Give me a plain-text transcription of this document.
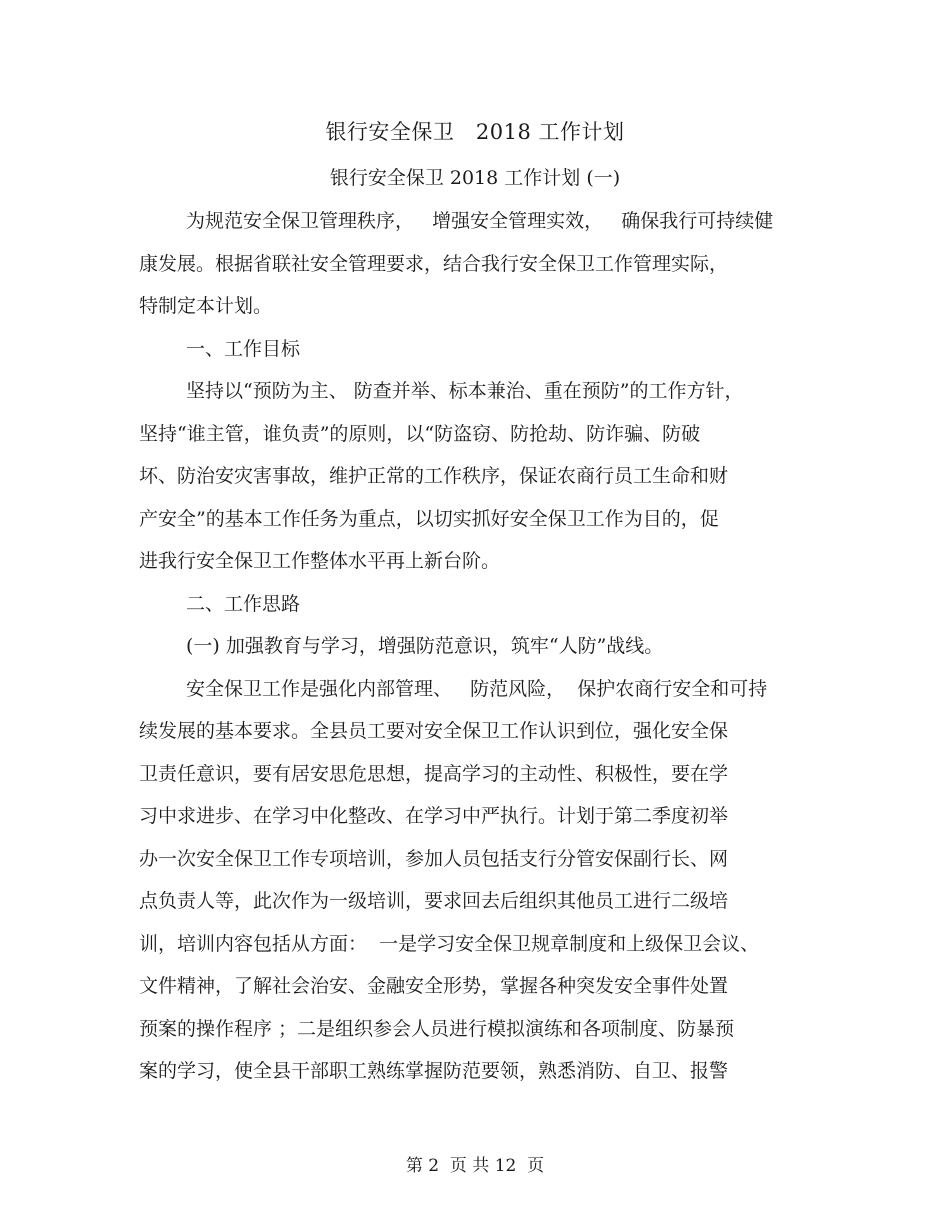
银行安全保卫　2018 工作计划
银行安全保卫 2018 工作计划 (一)
为规范安全保卫管理秩序，   增强安全管理实效，   确保我行可持续健
康发展。根据省联社安全管理要求，结合我行安全保卫工作管理实际，
特制定本计划。
一、工作目标
坚持以“预防为主、 防查并举、标本兼治、重在预防”的工作方针，
坚持“谁主管，谁负责”的原则，以“防盗窃、防抢劫、防诈骗、防破
坏、防治安灾害事故，维护正常的工作秩序，保证农商行员工生命和财
产安全”的基本工作任务为重点，以切实抓好安全保卫工作为目的，促
进我行安全保卫工作整体水平再上新台阶。
二、工作思路
(一) 加强教育与学习，增强防范意识，筑牢“人防”战线。
安全保卫工作是强化内部管理、   防范风险，  保护农商行安全和可持
续发展的基本要求。全县员工要对安全保卫工作认识到位，强化安全保
卫责任意识，要有居安思危思想，提高学习的主动性、积极性，要在学
习中求进步、在学习中化整改、在学习中严执行。计划于第二季度初举
办一次安全保卫工作专项培训，参加人员包括支行分管安保副行长、网
点负责人等，此次作为一级培训，要求回去后组织其他员工进行二级培
训，培训内容包括从方面：  一是学习安全保卫规章制度和上级保卫会议、
文件精神，了解社会治安、金融安全形势，掌握各种突发安全事件处置
预案的操作程序 ；二是组织参会人员进行模拟演练和各项制度、防暴预
案的学习，使全县干部职工熟练掌握防范要领，熟悉消防、自卫、报警
第 2  页 共 12  页
